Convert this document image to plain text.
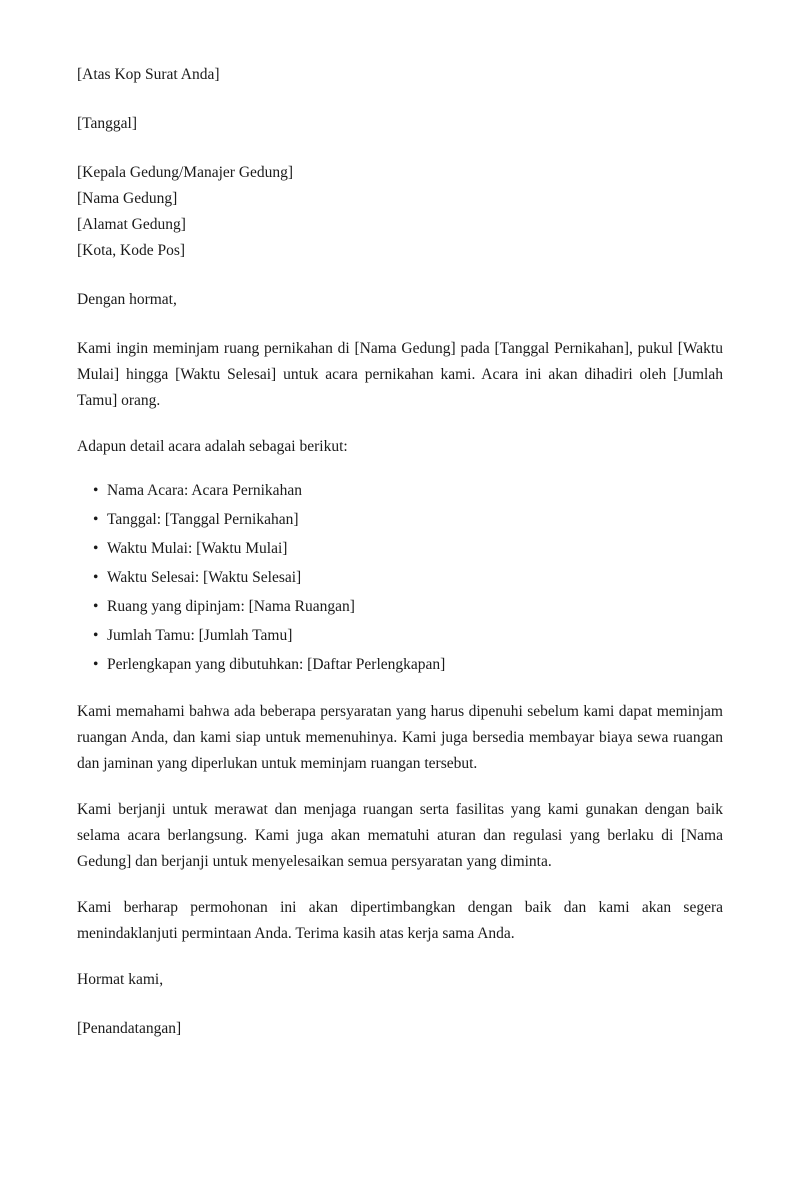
[Atas Kop Surat Anda]
[Tanggal]
[Kepala Gedung/Manajer Gedung]
[Nama Gedung]
[Alamat Gedung]
[Kota, Kode Pos]
Dengan hormat,

Kami ingin meminjam ruang pernikahan di [Nama Gedung] pada [Tanggal Pernikahan], pukul [Waktu Mulai] hingga [Waktu Selesai] untuk acara pernikahan kami. Acara ini akan dihadiri oleh [Jumlah Tamu] orang.

Adapun detail acara adalah sebagai berikut:
• Nama Acara: Acara Pernikahan
• Tanggal: [Tanggal Pernikahan]
• Waktu Mulai: [Waktu Mulai]
• Waktu Selesai: [Waktu Selesai]
• Ruang yang dipinjam: [Nama Ruangan]
• Jumlah Tamu: [Jumlah Tamu]
• Perlengkapan yang dibutuhkan: [Daftar Perlengkapan]

Kami memahami bahwa ada beberapa persyaratan yang harus dipenuhi sebelum kami dapat meminjam ruangan Anda, dan kami siap untuk memenuhinya. Kami juga bersedia membayar biaya sewa ruangan dan jaminan yang diperlukan untuk meminjam ruangan tersebut.

Kami berjanji untuk merawat dan menjaga ruangan serta fasilitas yang kami gunakan dengan baik selama acara berlangsung. Kami juga akan mematuhi aturan dan regulasi yang berlaku di [Nama Gedung] dan berjanji untuk menyelesaikan semua persyaratan yang diminta.

Kami berharap permohonan ini akan dipertimbangkan dengan baik dan kami akan segera menindaklanjuti permintaan Anda. Terima kasih atas kerja sama Anda.

Hormat kami,
[Penandatangan]
